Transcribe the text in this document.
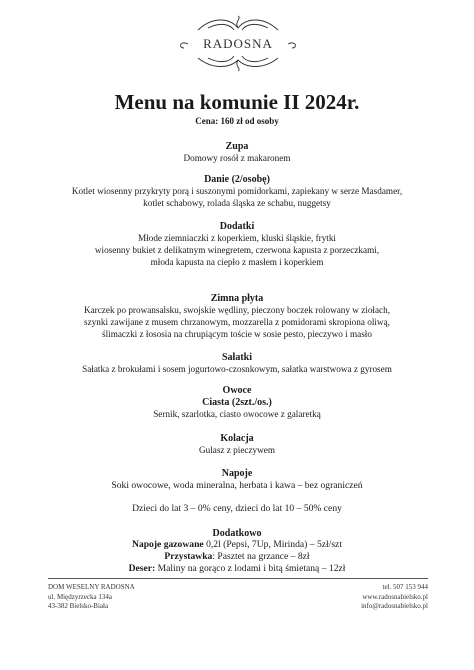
RADOSNA
Menu na komunie II 2024r.
Cena: 160 zł od osoby
Zupa
Domowy rosół z makaronem
Danie (2/osobę)
Kotlet wiosenny przykryty porą i suszonymi pomidorkami, zapiekany w serze Masdamer,
kotlet schabowy, rolada śląska ze schabu, nuggetsy
Dodatki
Młode ziemniaczki z koperkiem, kluski śląskie, frytki
wiosenny bukiet z delikatnym winegretem, czerwona kapusta z porzeczkami,
młoda kapusta na ciepło z masłem i koperkiem
Zimna płyta
Karczek po prowansalsku, swojskie wędliny, pieczony boczek rolowany w ziołach,
szynki zawijane z musem chrzanowym, mozzarella z pomidorami skropiona oliwą,
ślimaczki z łososia na chrupiącym toście w sosie pesto, pieczywo i masło
Sałatki
Sałatka z brokułami i sosem jogurtowo-czosnkowym, sałatka warstwowa z gyrosem
Owoce
Ciasta (2szt./os.)
Sernik, szarlotka, ciasto owocowe z galaretką
Kolacja
Gulasz z pieczywem
Napoje
Soki owocowe, woda mineralna, herbata i kawa – bez ograniczeń
Dzieci do lat 3 – 0% ceny, dzieci do lat 10 – 50% ceny
Dodatkowo
Napoje gazowane 0,2l (Pepsi, 7Up, Mirinda) – 5zł/szt
Przystawka: Pasztet na grzance – 8zł
Deser: Maliny na gorąco z lodami i bitą śmietaną – 12zł
DOM WESELNY RADOSNA
ul. Międzyrzecka 134a
43-382 Bielsko-Biała
tel. 507 153 944
www.radosnabielsko.pl
info@radosnabielsko.pl
